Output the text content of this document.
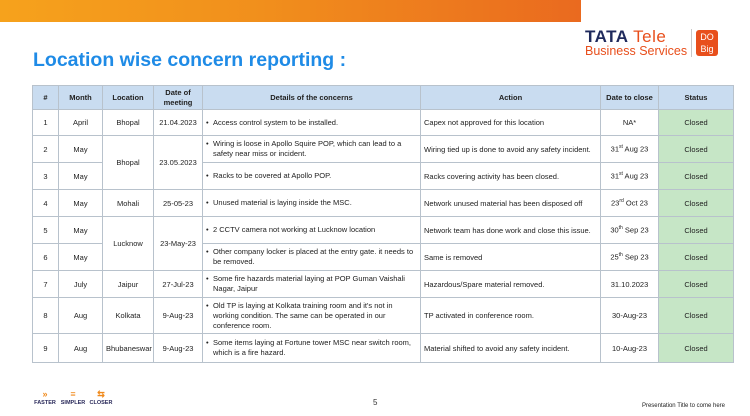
TATA Tele
Business Services
DO
Big
Location wise concern reporting :
#	Month	Location	Date of meeting	Details of the concerns	Action	Date to close	Status
1	April	Bhopal	21.04.2023	• Access control system to be installed.	Capex not approved for this location	NA*	Closed
2	May	Bhopal	23.05.2023	• Wiring is loose in Apollo Squire POP, which can lead to a safety near miss or incident.	Wiring tied up is done to avoid any safety incident.	31st Aug 23	Closed
3	May			• Racks to be covered at Apollo POP.	Racks covering activity has been closed.	31st Aug 23	Closed
4	May	Mohali	25-05-23	• Unused material is laying inside the MSC.	Network unused material has been disposed off	23rd Oct 23	Closed
5	May	Lucknow	23-May-23	• 2 CCTV camera not working at Lucknow location	Network team has done work and close this issue.	30th Sep 23	Closed
6	May			• Other company locker is placed at the entry gate. it needs to be removed.	Same is removed	25th Sep 23	Closed
7	July	Jaipur	27-Jul-23	• Some fire hazards material laying at POP Guman Vaishali Nagar, Jaipur	Hazardous/Spare material removed.	31.10.2023	Closed
8	Aug	Kolkata	9-Aug-23	• Old TP is laying at Kolkata training room and it's not in working condition. The same can be operated in our conference room.	TP activated in conference room.	30-Aug-23	Closed
9	Aug	Bhubaneswar	9-Aug-23	• Some items laying at Fortune tower MSC near switch room, which is a fire hazard.	Material shifted to avoid any safety incident.	10-Aug-23	Closed
»
FASTER
≡
SIMPLER
⇆
CLOSER	5	Presentation Title to come here
